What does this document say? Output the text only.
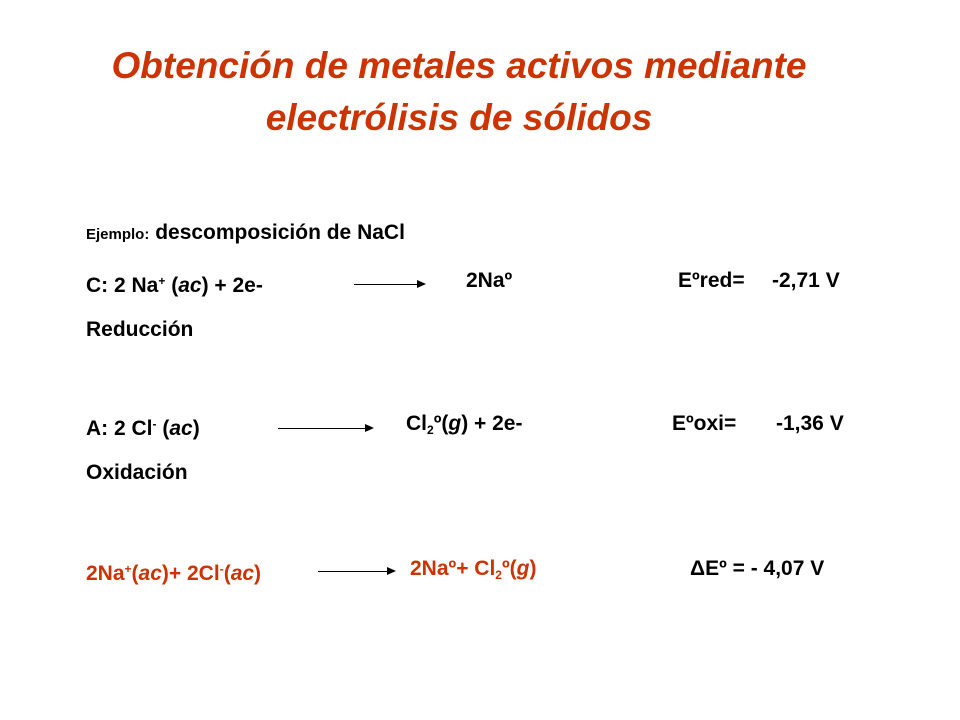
Obtención de metales activos mediante
electrólisis de sólidos
Ejemplo: descomposición de NaCl
C: 2 Na+ (ac) + 2e-	2Naº	Eºred= -2,71 V
Reducción
A: 2 Cl- (ac)	$Cl_2º(g) + 2e-$	Eºoxi= -1,36 V
Oxidación
2Na+(ac)+ 2Cl-(ac)	2Naº+ $Cl_2º(g)$	ΔEº = - 4,07 V
